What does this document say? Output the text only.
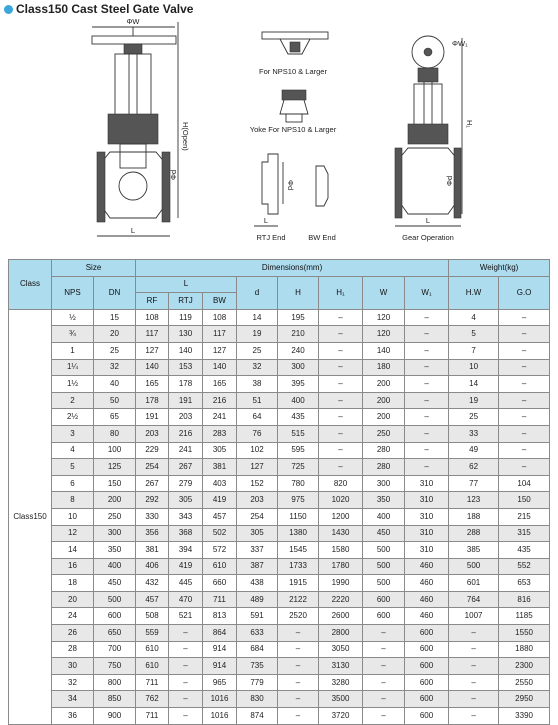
Class150 Cast Steel Gate Valve
ΦW
L
H(Open)
Φd
For NPS10 & Larger
Yoke For NPS10 & Larger
Φd
L
RTJ End	BW End
ΦW₁
H₁
Φd
L
Gear Operation
Class	Size		Dimensions(mm)								Weight(kg)	
	NPS	DN	L			d	H	H₁	W	W₁	H.W	G.O
			RF	RTJ	BW							
Class150	½	15	108	119	108	14	195	–	120	–	4	–
	¾	20	117	130	117	19	210	–	120	–	5	–
	1	25	127	140	127	25	240	–	140	–	7	–
	1¼	32	140	153	140	32	300	–	180	–	10	–
	1½	40	165	178	165	38	395	–	200	–	14	–
	2	50	178	191	216	51	400	–	200	–	19	–
	2½	65	191	203	241	64	435	–	200	–	25	–
	3	80	203	216	283	76	515	–	250	–	33	–
	4	100	229	241	305	102	595	–	280	–	49	–
	5	125	254	267	381	127	725	–	280	–	62	–
	6	150	267	279	403	152	780	820	300	310	77	104
	8	200	292	305	419	203	975	1020	350	310	123	150
	10	250	330	343	457	254	1150	1200	400	310	188	215
	12	300	356	368	502	305	1380	1430	450	310	288	315
	14	350	381	394	572	337	1545	1580	500	310	385	435
	16	400	406	419	610	387	1733	1780	500	460	500	552
	18	450	432	445	660	438	1915	1990	500	460	601	653
	20	500	457	470	711	489	2122	2220	600	460	764	816
	24	600	508	521	813	591	2520	2600	600	460	1007	1185
	26	650	559	–	864	633	–	2800	–	600	–	1550
	28	700	610	–	914	684	–	3050	–	600	–	1880
	30	750	610	–	914	735	–	3130	–	600	–	2300
	32	800	711	–	965	779	–	3280	–	600	–	2550
	34	850	762	–	1016	830	–	3500	–	600	–	2950
	36	900	711	–	1016	874	–	3720	–	600	–	3390
